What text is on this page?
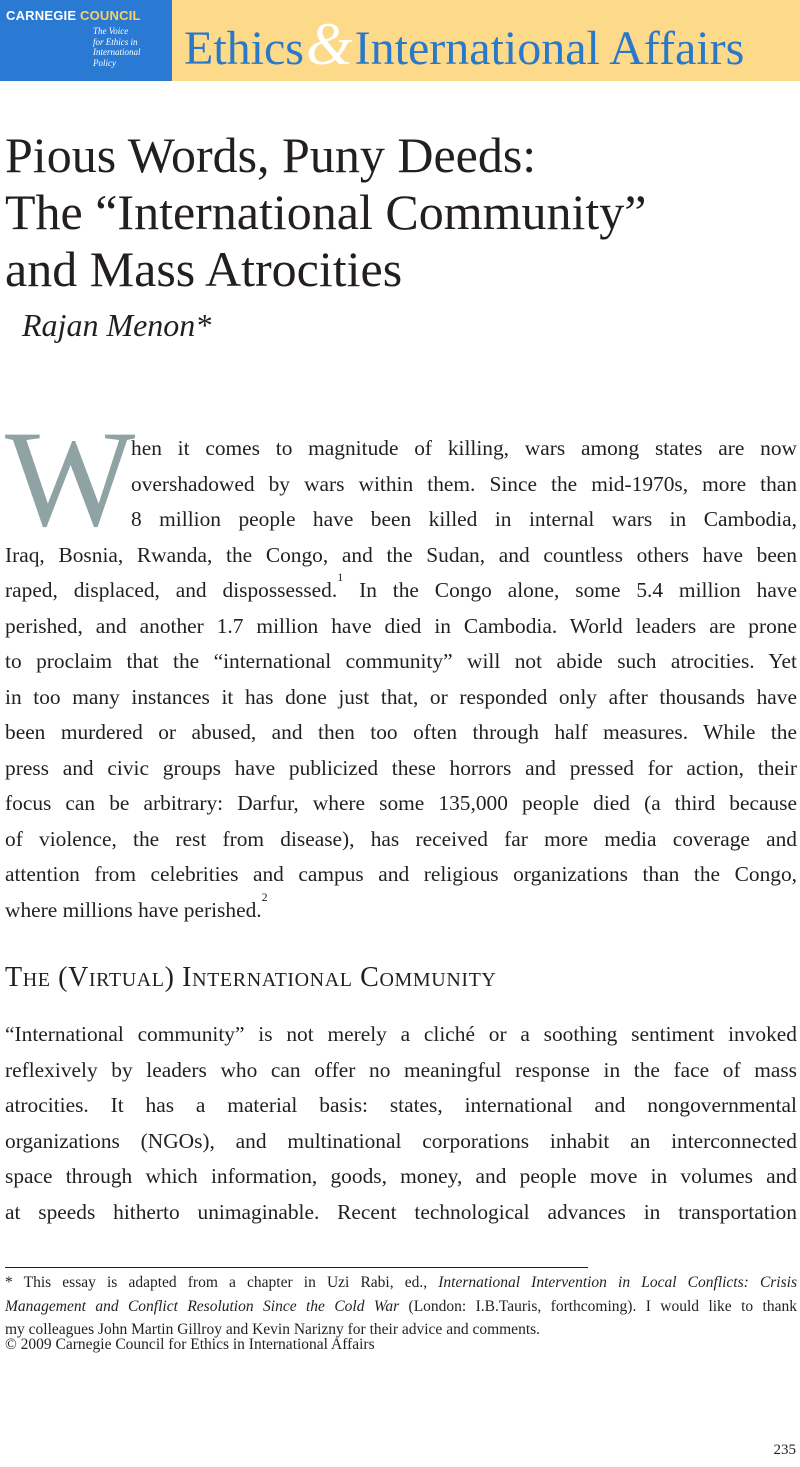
CARNEGIE COUNCIL
The Voice
for Ethics in
International
Policy	Ethics&International Affairs
Pious Words, Puny Deeds:
The “International Community”
and Mass Atrocities
Rajan Menon*
W

hen it comes to magnitude of killing, wars among states are now
overshadowed by wars within them. Since the mid-1970s, more than
8 million people have been killed in internal wars in Cambodia,
Iraq, Bosnia, Rwanda, the Congo, and the Sudan, and countless others have been
raped, displaced, and dispossessed.$^1$ In the Congo alone, some 5.4 million have
perished, and another 1.7 million have died in Cambodia. World leaders are prone
to proclaim that the “international community” will not abide such atrocities. Yet
in too many instances it has done just that, or responded only after thousands have
been murdered or abused, and then too often through half measures. While the
press and civic groups have publicized these horrors and pressed for action, their
focus can be arbitrary: Darfur, where some 135,000 people died (a third because
of violence, the rest from disease), has received far more media coverage and
attention from celebrities and campus and religious organizations than the Congo,
where millions have perished.$^2$

The (Virtual) International Community

“International community” is not merely a cliché or a soothing sentiment invoked
reflexively by leaders who can offer no meaningful response in the face of mass
atrocities. It has a material basis: states, international and nongovernmental
organizations (NGOs), and multinational corporations inhabit an interconnected
space through which information, goods, money, and people move in volumes and
at speeds hitherto unimaginable. Recent technological advances in transportation

* This essay is adapted from a chapter in Uzi Rabi, ed., International Intervention in Local Conflicts: Crisis
Management and Conflict Resolution Since the Cold War (London: I.B.Tauris, forthcoming). I would like to thank
my colleagues John Martin Gillroy and Kevin Narizny for their advice and comments.

© 2009 Carnegie Council for Ethics in International Affairs
235
